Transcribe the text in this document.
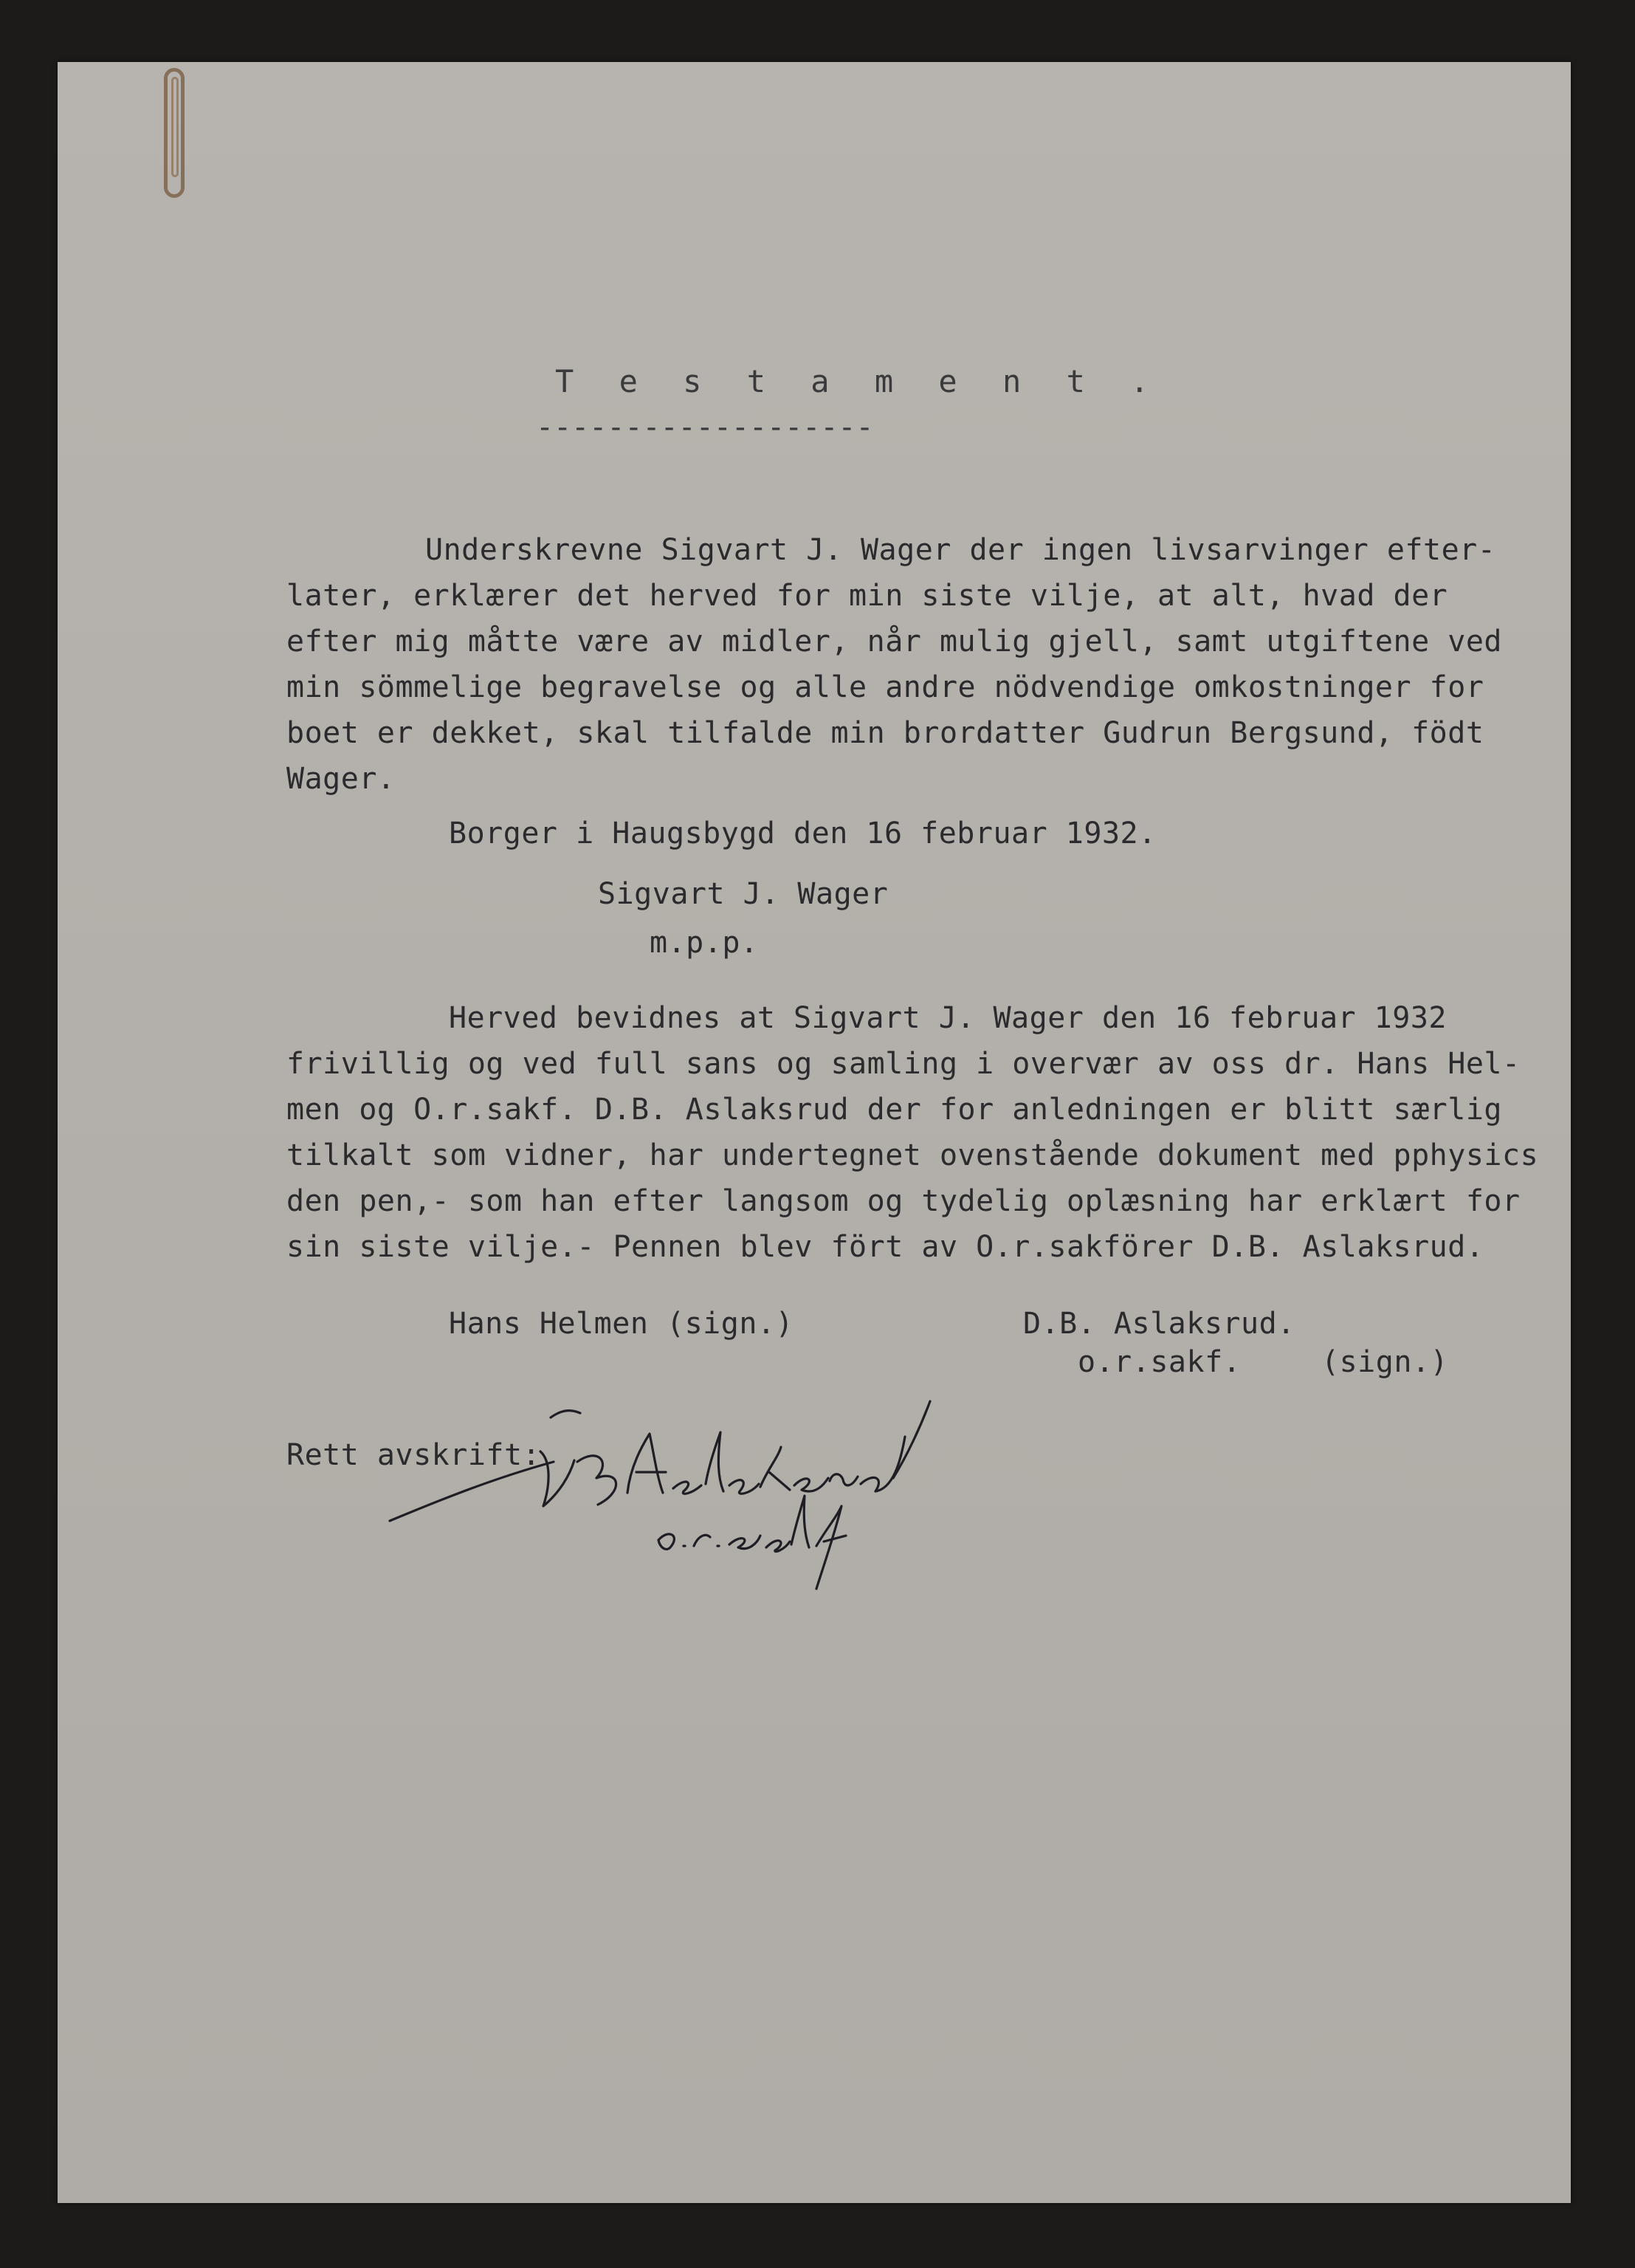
T e s t a m e n t .
-------------------
Underskrevne Sigvart J. Wager der ingen livsarvinger efter-
later, erklærer det herved for min siste vilje, at alt, hvad der
efter mig måtte være av midler, når mulig gjell, samt utgiftene ved
min sömmelige begravelse og alle andre nödvendige omkostninger for
boet er dekket, skal tilfalde min brordatter Gudrun Bergsund, födt
Wager.
Borger i Haugsbygd den 16 februar 1932.
Sigvart J. Wager
m.p.p.
Herved bevidnes at Sigvart J. Wager den 16 februar 1932
frivillig og ved full sans og samling i overvær av oss dr. Hans Hel-
men og O.r.sakf. D.B. Aslaksrud der for anledningen er blitt særlig
tilkalt som vidner, har undertegnet ovenstående dokument med pphysics
den pen,- som han efter langsom og tydelig oplæsning har erklært for
sin siste vilje.- Pennen blev fört av O.r.sakförer D.B. Aslaksrud.
Hans Helmen (sign.)	D.B. Aslaksrud.
o.r.sakf.	(sign.)
Rett avskrift:
